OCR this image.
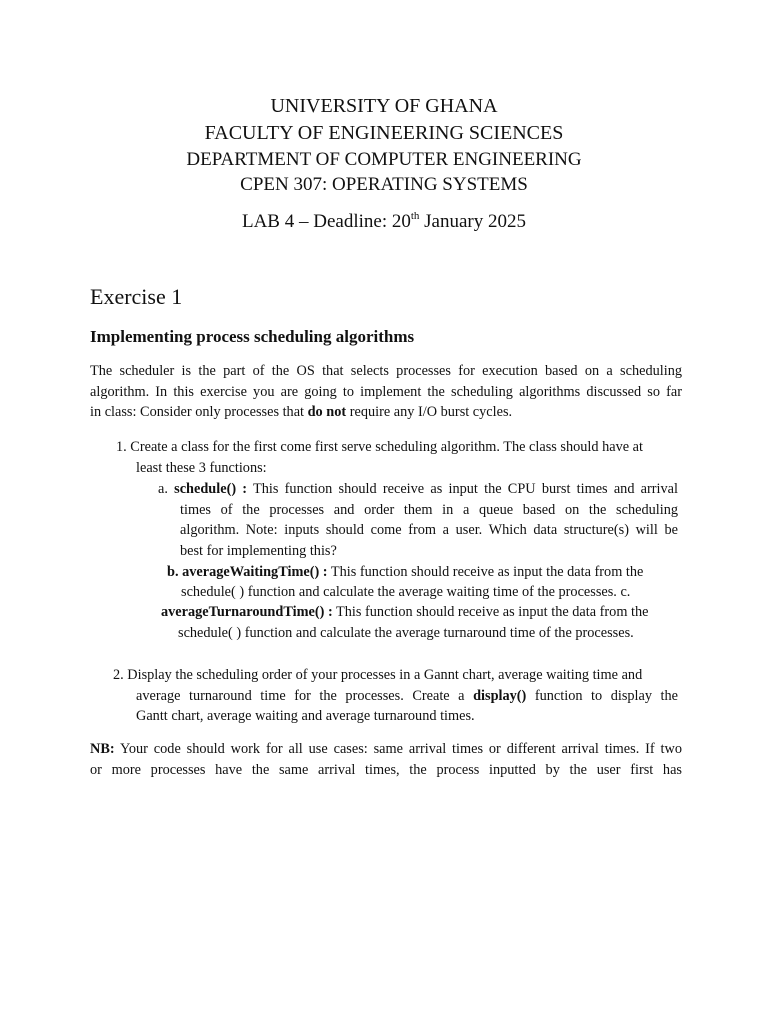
UNIVERSITY OF GHANA
FACULTY OF ENGINEERING SCIENCES
DEPARTMENT OF COMPUTER ENGINEERING
CPEN 307: OPERATING SYSTEMS
LAB 4 – Deadline: 20th January 2025
Exercise 1
Implementing process scheduling algorithms
The scheduler is the part of the OS that selects processes for execution based on a scheduling
algorithm. In this exercise you are going to implement the scheduling algorithms discussed so far
in class: Consider only processes that do not require any I/O burst cycles.
1. Create a class for the first come first serve scheduling algorithm. The class should have at
least these 3 functions:
a. schedule() : This function should receive as input the CPU burst times and arrival
times of the processes and order them in a queue based on the scheduling
algorithm. Note: inputs should come from a user. Which data structure(s) will be
best for implementing this?
b. averageWaitingTime() : This function should receive as input the data from the
schedule( ) function and calculate the average waiting time of the processes. c.
averageTurnaroundTime() : This function should receive as input the data from the
schedule( ) function and calculate the average turnaround time of the processes.
2. Display the scheduling order of your processes in a Gannt chart, average waiting time and
average turnaround time for the processes. Create a display() function to display the
Gantt chart, average waiting and average turnaround times.
NB: Your code should work for all use cases: same arrival times or different arrival times. If two
or more processes have the same arrival times, the process inputted by the user first has
